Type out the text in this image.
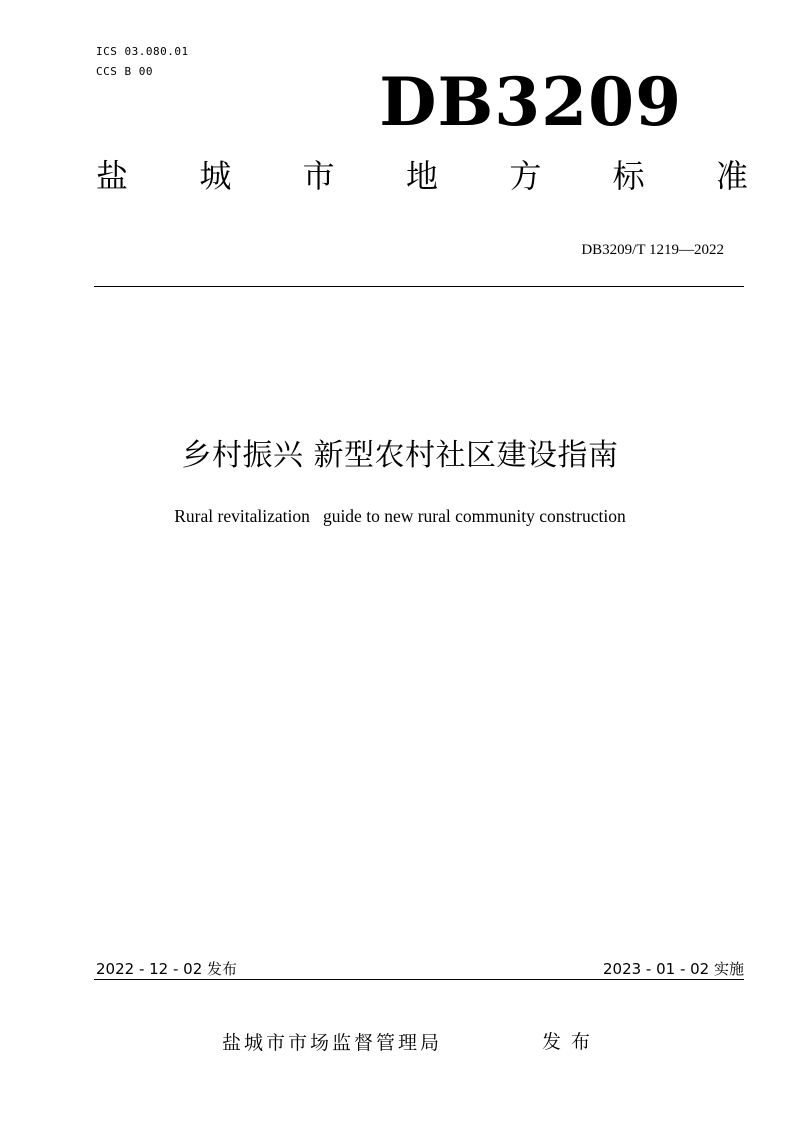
ICS 03.080.01
CCS B 00	DB3209
盐 城 市 地 方 标 准
DB3209/T 1219—2022
乡村振兴 新型农村社区建设指南
Rural revitalization   guide to new rural community construction
2022 - 12 - 02 发布	2023 - 01 - 02 实施
盐城市市场监督管理局	发布
